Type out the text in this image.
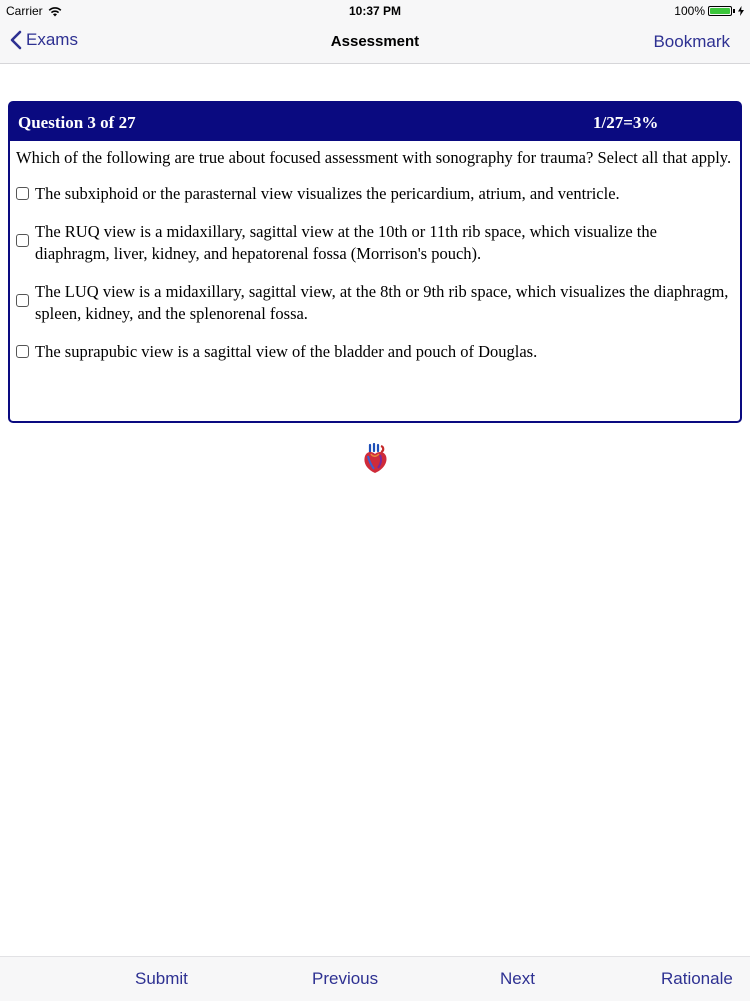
Carrier	10:37 PM	100%
Exams	Assessment	Bookmark
Question 3 of 27	1/27=3%

Which of the following are true about focused assessment with sonography for trauma? Select all that apply.

The subxiphoid or the parasternal view visualizes the pericardium, atrium, and ventricle.
The RUQ view is a midaxillary, sagittal view at the 10th or 11th rib space, which visualize the diaphragm, liver, kidney, and hepatorenal fossa (Morrison's pouch).
The LUQ view is a midaxillary, sagittal view, at the 8th or 9th rib space, which visualizes the diaphragm, spleen, kidney, and the splenorenal fossa.
The suprapubic view is a sagittal view of the bladder and pouch of Douglas.
Submit	Previous	Next	Rationale
